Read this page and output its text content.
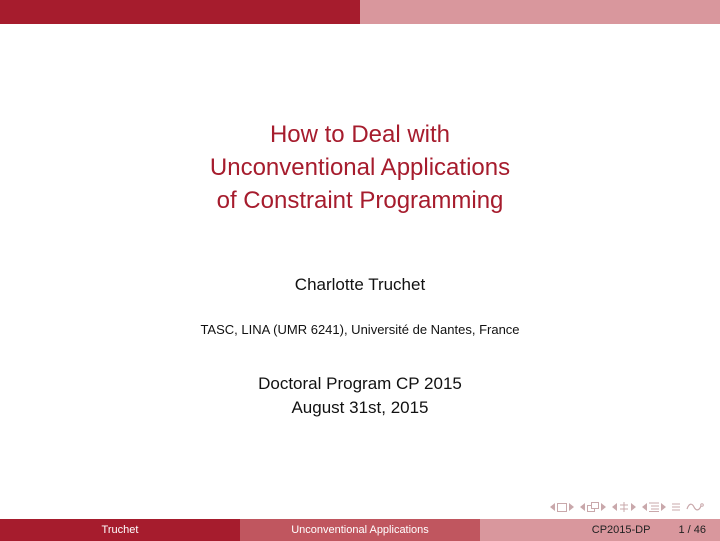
How to Deal with
Unconventional Applications
of Constraint Programming
Charlotte Truchet
TASC, LINA (UMR 6241), Université de Nantes, France
Doctoral Program CP 2015
August 31st, 2015
Truchet	Unconventional Applications	CP2015-DP	1 / 46
